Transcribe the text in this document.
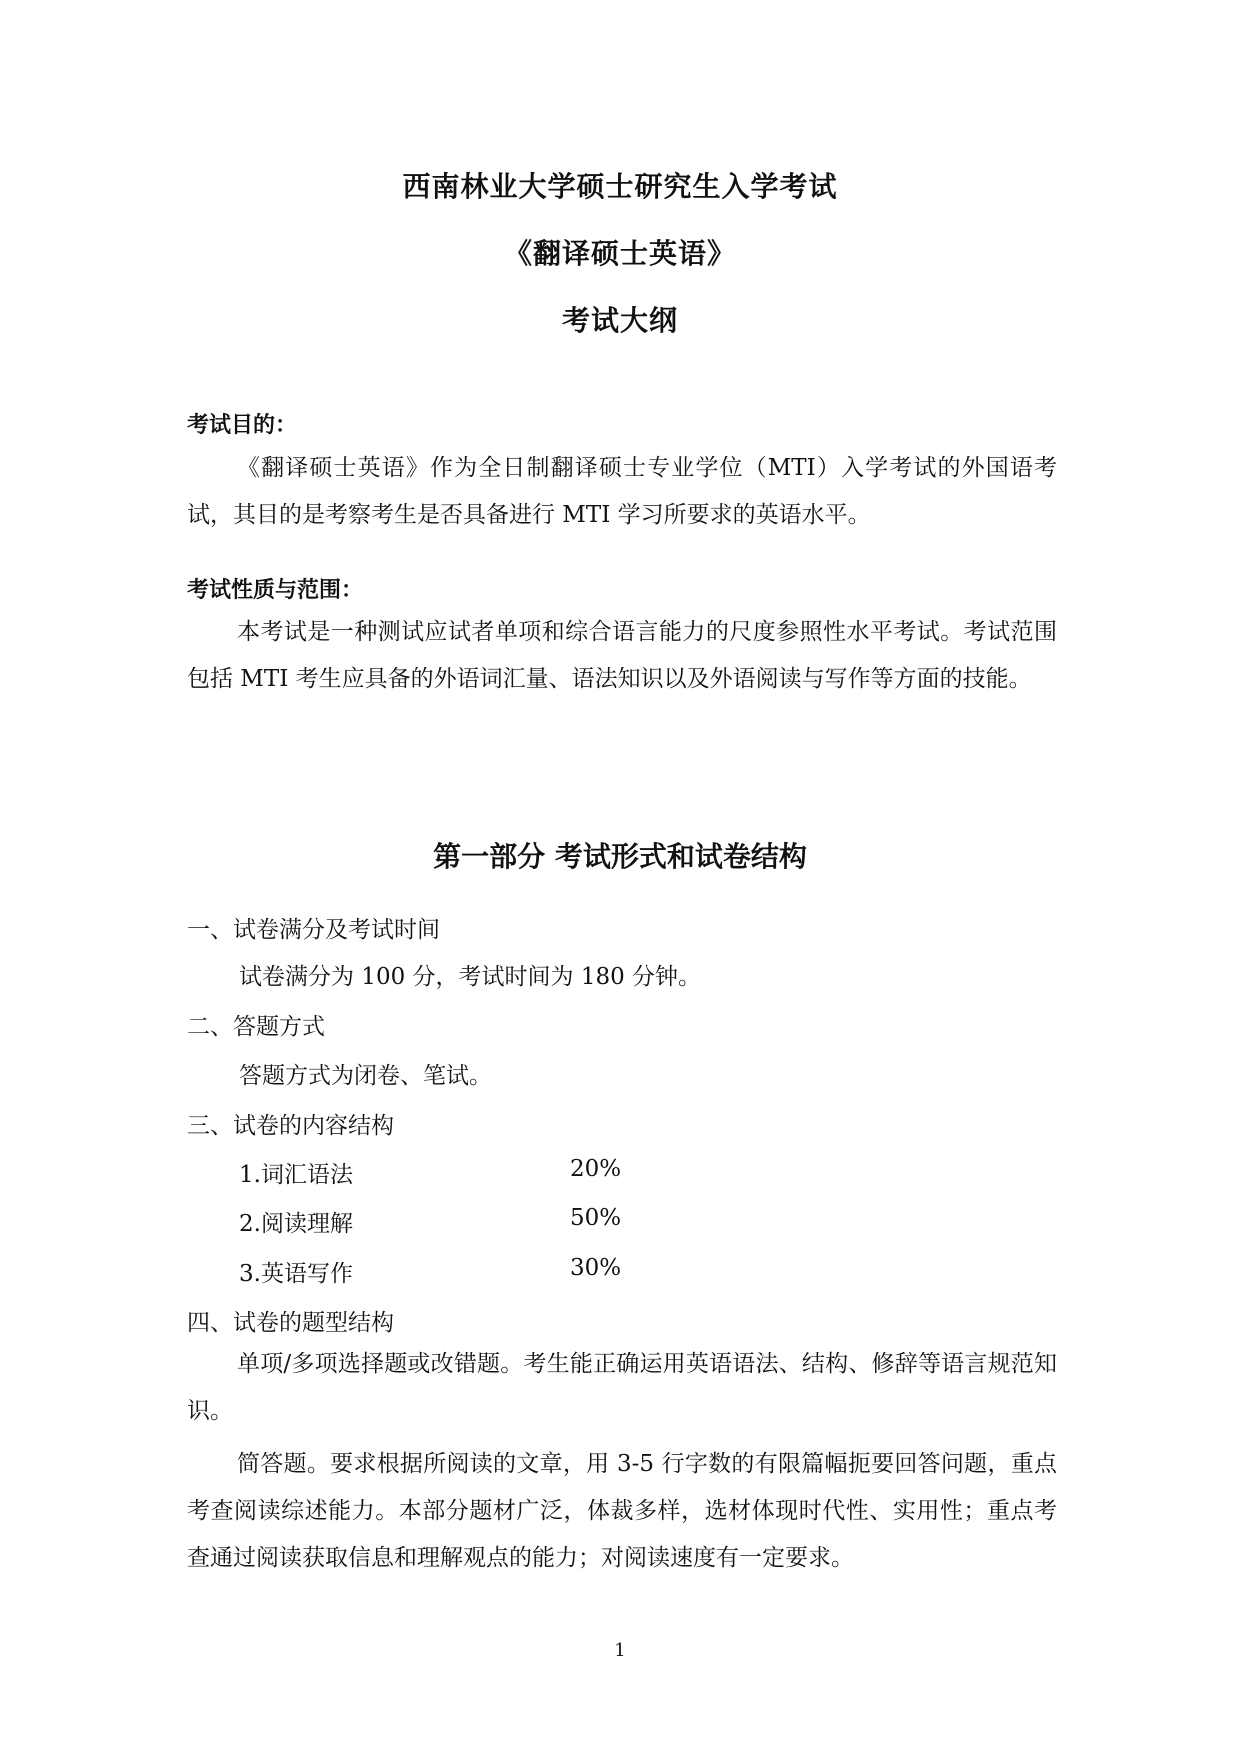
西南林业大学硕士研究生入学考试
《翻译硕士英语》
考试大纲
考试目的：

《翻译硕士英语》作为全日制翻译硕士专业学位（MTI）入学考试的外国语考试，其目的是考察考生是否具备进行 MTI 学习所要求的英语水平。

考试性质与范围：

本考试是一种测试应试者单项和综合语言能力的尺度参照性水平考试。考试范围包括 MTI 考生应具备的外语词汇量、语法知识以及外语阅读与写作等方面的技能。

第一部分 考试形式和试卷结构
一、试卷满分及考试时间
试卷满分为 100 分，考试时间为 180 分钟。
二、答题方式
答题方式为闭卷、笔试。
三、试卷的内容结构
1.词汇语法	20%
2.阅读理解	50%
3.英语写作	30%
四、试卷的题型结构

单项/多项选择题或改错题。考生能正确运用英语语法、结构、修辞等语言规范知识。

简答题。要求根据所阅读的文章，用 3-5 行字数的有限篇幅扼要回答问题，重点考查阅读综述能力。本部分题材广泛，体裁多样，选材体现时代性、实用性；重点考查通过阅读获取信息和理解观点的能力；对阅读速度有一定要求。

1
